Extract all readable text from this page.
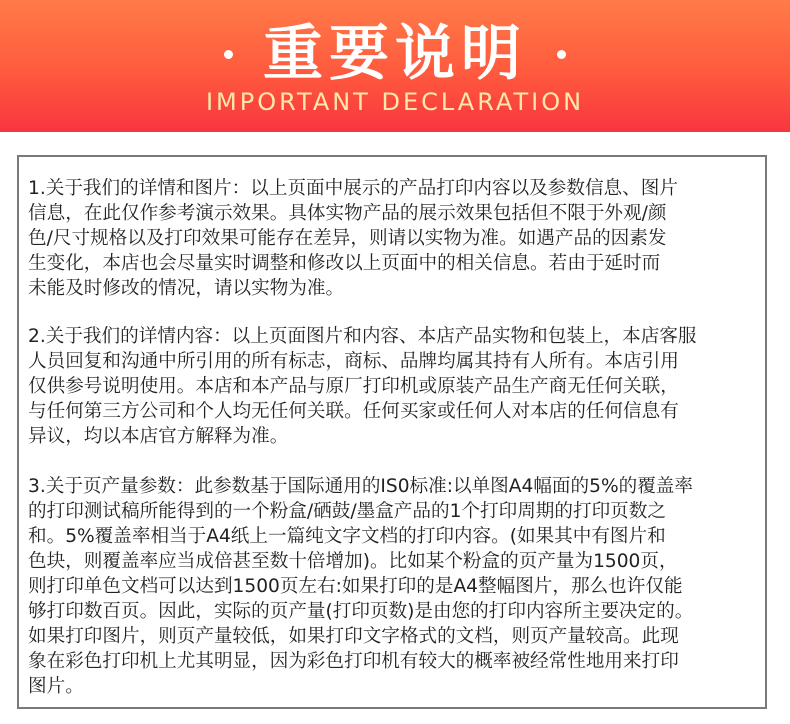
重要说明
IMPORTANT DECLARATION
1.关于我们的详情和图片：以上页面中展示的产品打印内容以及参数信息、图片
信息，在此仅作参考演示效果。具体实物产品的展示效果包括但不限于外观/颜
色/尺寸规格以及打印效果可能存在差异，则请以实物为准。如遇产品的因素发
生变化，本店也会尽量实时调整和修改以上页面中的相关信息。若由于延时而
未能及时修改的情况，请以实物为准。
2.关于我们的详情内容：以上页面图片和内容、本店产品实物和包装上，本店客服
人员回复和沟通中所引用的所有标志，商标、品牌均属其持有人所有。本店引用
仅供参号说明使用。本店和本产品与原厂打印机或原装产品生产商无任何关联，
与任何第三方公司和个人均无任何关联。任何买家或任何人对本店的任何信息有
异议，均以本店官方解释为准。
3.关于页产量参数：此参数基于国际通用的IS0标准:以单图A4幅面的5%的覆盖率
的打印测试稿所能得到的一个粉盒/硒鼓/墨盒产品的1个打印周期的打印页数之
和。5%覆盖率相当于A4纸上一篇纯文字文档的打印内容。(如果其中有图片和
色块，则覆盖率应当成倍甚至数十倍增加)。比如某个粉盒的页产量为1500页，
则打印单色文档可以达到1500页左右:如果打印的是A4整幅图片，那么也许仅能
够打印数百页。因此，实际的页产量(打印页数)是由您的打印内容所主要决定的。
如果打印图片，则页产量较低，如果打印文字格式的文档，则页产量较高。此现
象在彩色打印机上尤其明显，因为彩色打印机有较大的概率被经常性地用来打印
图片。
